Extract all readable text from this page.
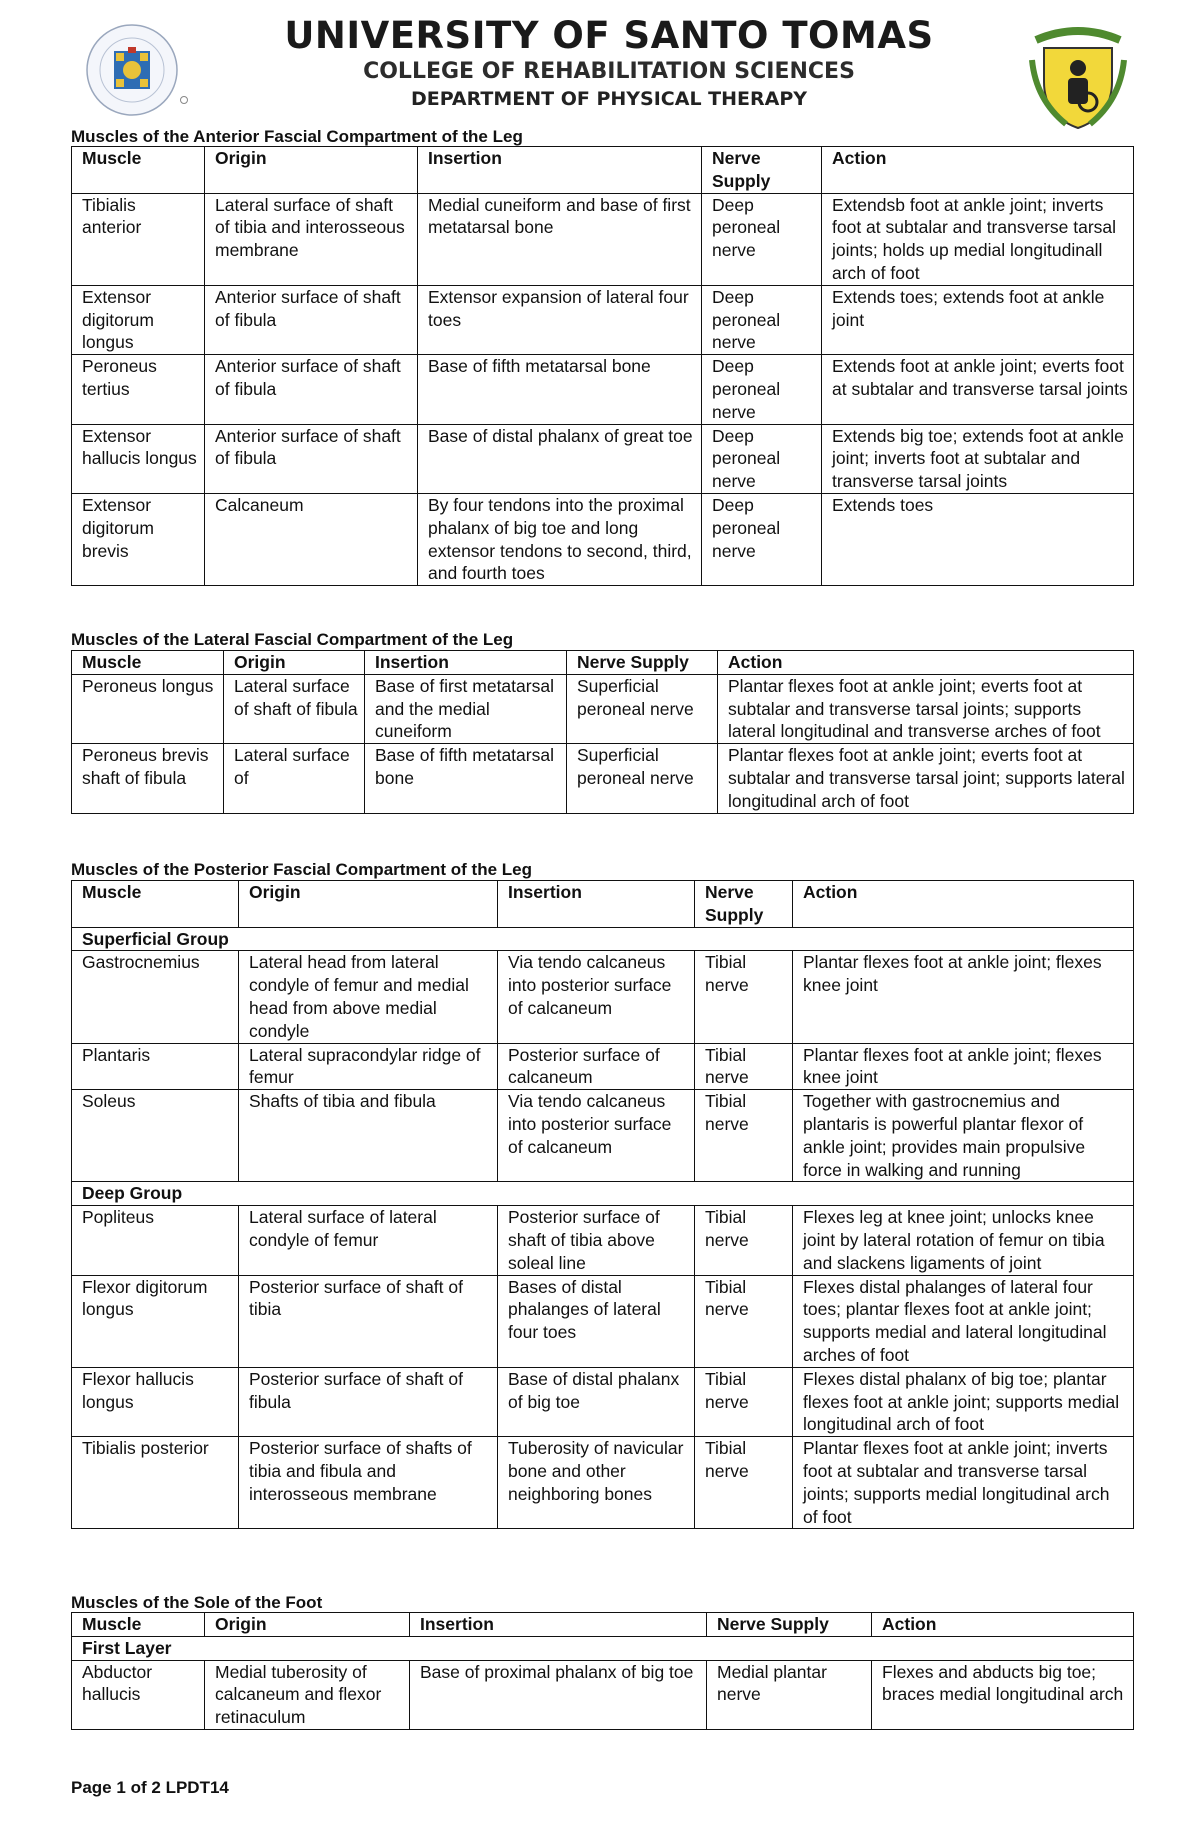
UNIVERSITY OF SANTO TOMAS
COLLEGE OF REHABILITATION SCIENCES
DEPARTMENT OF PHYSICAL THERAPY
Muscles of the Anterior Fascial Compartment of the Leg
Muscle	Origin	Insertion	Nerve Supply	Action
Tibialis anterior	Lateral surface of shaft of tibia and interosseous membrane	Medial cuneiform and base of first metatarsal bone	Deep peroneal nerve	Extendsb foot at ankle joint; inverts foot at subtalar and transverse tarsal joints; holds up medial longitudinall arch of foot
Extensor digitorum longus	Anterior surface of shaft of fibula	Extensor expansion of lateral four toes	Deep peroneal nerve	Extends toes; extends foot at ankle joint
Peroneus tertius	Anterior surface of shaft of fibula	Base of fifth metatarsal bone	Deep peroneal nerve	Extends foot at ankle joint; everts foot at subtalar and transverse tarsal joints
Extensor hallucis longus	Anterior surface of shaft of fibula	Base of distal phalanx of great toe	Deep peroneal nerve	Extends big toe; extends foot at ankle joint; inverts foot at subtalar and transverse tarsal joints
Extensor digitorum brevis	Calcaneum	By four tendons into the proximal phalanx of big toe and long extensor tendons to second, third, and fourth toes	Deep peroneal nerve	Extends toes
Muscles of the Lateral Fascial Compartment of the Leg
Muscle	Origin	Insertion	Nerve Supply	Action
Peroneus longus	Lateral surface of shaft of fibula	Base of first metatarsal and the medial cuneiform	Superficial peroneal nerve	Plantar flexes foot at ankle joint; everts foot at subtalar and transverse tarsal joints; supports lateral longitudinal and transverse arches of foot
Peroneus brevis shaft of fibula	Lateral surface of	Base of fifth metatarsal bone	Superficial peroneal nerve	Plantar flexes foot at ankle joint; everts foot at subtalar and transverse tarsal joint; supports lateral longitudinal arch of foot
Muscles of the Posterior Fascial Compartment of the Leg
Muscle	Origin	Insertion	Nerve Supply	Action
Superficial Group				
Gastrocnemius	Lateral head from lateral condyle of femur and medial head from above medial condyle	Via tendo calcaneus into posterior surface of calcaneum	Tibial nerve	Plantar flexes foot at ankle joint; flexes knee joint
Plantaris	Lateral supracondylar ridge of femur	Posterior surface of calcaneum	Tibial nerve	Plantar flexes foot at ankle joint; flexes knee joint
Soleus	Shafts of tibia and fibula	Via tendo calcaneus into posterior surface of calcaneum	Tibial nerve	Together with gastrocnemius and plantaris is powerful plantar flexor of ankle joint; provides main propulsive force in walking and running
Deep Group				
Popliteus	Lateral surface of lateral condyle of femur	Posterior surface of shaft of tibia above soleal line	Tibial nerve	Flexes leg at knee joint; unlocks knee joint by lateral rotation of femur on tibia and slackens ligaments of joint
Flexor digitorum longus	Posterior surface of shaft of tibia	Bases of distal phalanges of lateral four toes	Tibial nerve	Flexes distal phalanges of lateral four toes; plantar flexes foot at ankle joint; supports medial and lateral longitudinal arches of foot
Flexor hallucis longus	Posterior surface of shaft of fibula	Base of distal phalanx of big toe	Tibial nerve	Flexes distal phalanx of big toe; plantar flexes foot at ankle joint; supports medial longitudinal arch of foot
Tibialis posterior	Posterior surface of shafts of tibia and fibula and interosseous membrane	Tuberosity of navicular bone and other neighboring bones	Tibial nerve	Plantar flexes foot at ankle joint; inverts foot at subtalar and transverse tarsal joints; supports medial longitudinal arch of foot
Muscles of the Sole of the Foot
Muscle	Origin	Insertion	Nerve Supply	Action
First Layer				
Abductor hallucis	Medial tuberosity of calcaneum and flexor retinaculum	Base of proximal phalanx of big toe	Medial plantar nerve	Flexes and abducts big toe; braces medial longitudinal arch
Page 1 of 2 LPDT14
